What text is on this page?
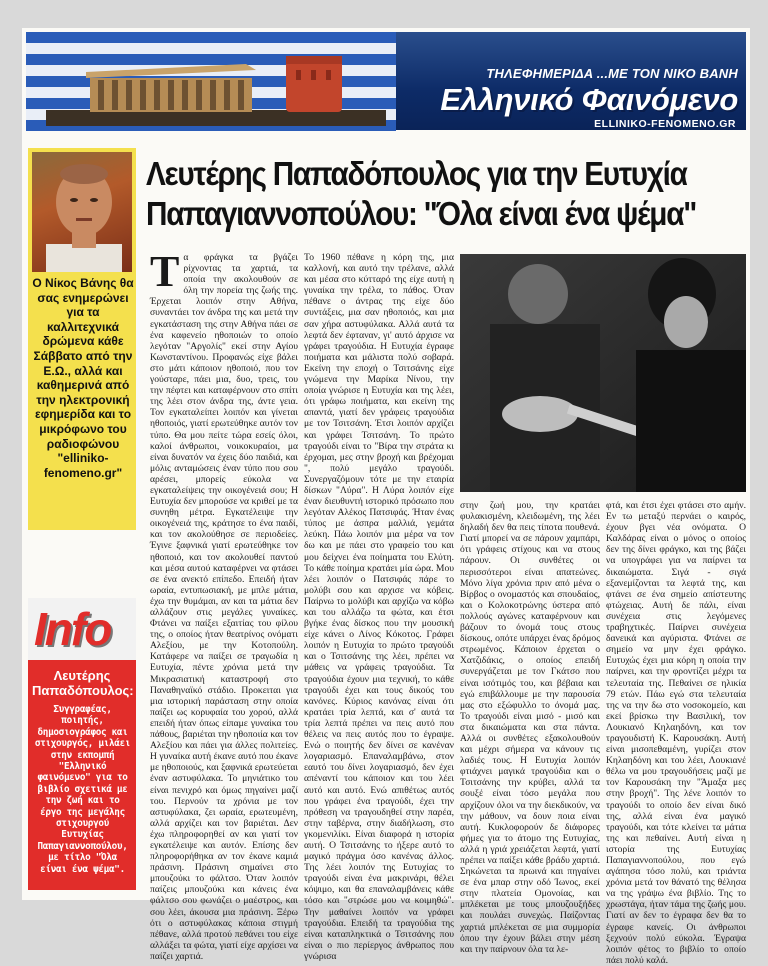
ΤΗΛΕΦΗΜΕΡΙΔΑ ...ΜΕ ΤΟΝ ΝΙΚΟ ΒΑΝΗ
Ελληνικό Φαινόμενο
ELLINIKO-FENOMENO.GR
Ο Νίκος Βάνης θα σας ενημερώνει για τα καλλιτεχνικά δρώμενα κάθε Σάββατο από την Ε.Ω., αλλά και καθημερινά από την ηλεκτρονική εφημερίδα και το μικρόφωνο του ραδιοφώνου "elliniko-fenomeno.gr"
Info
Λευτέρης Παπαδόπουλος:
Συγγραφέας, ποιητής, δημοσιογράφος και στιχουργός, μιλάει στην εκπομπή "Ελληνικό φαινόμενο" για το βιβλίο σχετικά με την ζωή και το έργο της μεγάλης στιχουργού Ευτυχίας Παπαγιαννοπούλου, με τίτλο "Όλα είναι ένα ψέμα".
Λευτέρης Παπαδόπουλος για την Ευτυχία
Παπαγιαννοπούλου: "Όλα είναι ένα ψέμα"
Τ α φράγκα τα βγάζει ρίχνοντας τα χαρτιά, τα οποία την ακολουθούν σε όλη την πορεία της ζωής της. Έρχεται λοιπόν στην Αθήνα, συναντάει τον άνδρα της και μετά την εγκατάσταση της στην Αθήνα πάει σε ένα καφενείο ηθοποιών το οποίο λεγόταν "Αργολίς" εκεί στην Αγίου Κωνσταντίνου. Προφανώς είχε βάλει στο μάτι κάποιον ηθοποιό, που τον γούσταρε, πάει μια, δυο, τρεις, του την πέφτει και καταφέρνουν στο σπίτι της λέει στον άνδρα της, άντε γεια. Τον εγκαταλείπει λοιπόν και γίνεται ηθοποιός, γιατί ερωτεύθηκε αυτόν τον τύπο. Θα μου πείτε τώρα εσείς όλοι, καλοί άνθρωποι, νοικοκυραίοι, μα είναι δυνατόν να έχεις δύο παιδιά, και μόλις ανταμώσεις έναν τύπο που σου αρέσει, μπορείς εύκολα να εγκαταλείψεις την οικογένειά σου; Η Ευτυχία δεν μπορούσε να κριθεί με τα συνηθη μέτρα. Εγκατέλειψε την οικογένειά της, κράτησε το ένα παιδί, και τον ακολούθησε σε περιοδείες. Έγινε ξαφνικά γιατί ερωτεύθηκε τον ηθοποιό, και τον ακολουθεί παντού και μέσα αυτού καταφέρνει να φτάσει σε ένα ανεκτό επίπεδο. Επειδή ήταν ωραία, εντυπωσιακή, με μπλε μάτια, έχω την θυμάμαι, αν και τα μάτια δεν αλλάζουν στις μεγάλες γυναίκες. Φτάνει να παίξει εξαιτίας του φίλου της, ο οποίος ήταν θεατρίνος ονόματι Αλεξίου, με την Κοτοπούλη. Κατάφερε να παίξει σε τραγωδία η Ευτυχία, πέντε χρόνια μετά την Μικρασιατική καταστροφή στο Παναθηναϊκό στάδιο. Προκειται για μια ιστορική παράσταση στην οποία παίζει ως κορυφαία του χορού, αλλά επειδή ήταν όπως είπαμε γυναίκα του πάθους, βαριέται την ηθοποιία και τον Αλεξίου και πάει για άλλες πολιτείες. Η γυναίκα αυτή έκανε αυτό που έκανε με ηθοποιούς, και ξαφνικά ερωτεύεται έναν αστυφύλακα. Το μηνιάτικο του είναι πενιχρό και όμως πηγαίνει μαζί του. Περνούν τα χρόνια με τον αστυφύλακα, ζει ωραία, ερωτευμένη, αλλά αρχίζει και τον βαριέται. Δεν έχω πληροφορηθεί αν και γιατί τον εγκατέλειψε και αυτόν. Επίσης δεν πληροφορήθηκα αν τον έκανε καμιά πράσινη. Πράσινη σημαίνει στο μπουζούκι το φάλτσο. Όταν λοιπόν παίζεις μπουζούκι και κάνεις ένα φάλτσο σου φωνάζει ο μαέστρος, και σου λέει, άκουσα μια πράσινη. Ξέρω ότι ο αστυφύλακας κάποια στιγμή πέθανε, αλλά προτού πεθάνει του είχε αλλάξει τα φώτα, γιατί είχε αρχίσει να παίζει χαρτιά.
Το 1960 πέθανε η κόρη της, μια καλλονή, και αυτό την τρέλανε, αλλά και μέσα στο κύτταρό της είχε αυτή η γυναίκα την τρέλα, το πάθος. Όταν πέθανε ο άντρας της είχε δύο συντάξεις, μια σαν ηθοποιός, και μια σαν χήρα αστυφύλακα. Αλλά αυτά τα λεφτά δεν έφταναν, γι' αυτό άρχισε να γράφει τραγούδια. Η Ευτυχία έγραφε ποιήματα και μάλιστα πολύ σοβαρά. Εκείνη την εποχή ο Τσιτσάνης είχε γνώμενα την Μαρίκα Νίνου, την οποία γνώρισε η Ευτυχία και της λέει, ότι γράφω ποιήματα, και εκείνη της απαντά, γιατί δεν γράφεις τραγούδια με τον Τσιτσάνη. Έτσι λοιπόν αρχίζει και γράφει Τσιτσάνη. Το πρώτο τραγούδι είναι το "Βίρα την στράτα κι έρχομαι, μες στην βροχή και βρέχομαι ", πολύ μεγάλο τραγούδι. Συνεργαζόμουν τότε με την εταιρία δίσκων "Λύρα". Η Λύρα λοιπόν είχε έναν διευθυντή ιστορικό πρόσωπο που λεγόταν Αλέκος Πατσιφάς. Ήταν ένας τύπος με άσπρα μαλλιά, γεμάτα λεύκη. Πάω λοιπόν μια μέρα να τον δω και με πάει στο γραφείο του και μου δείχνει ένα ποίηματα του Ελύτη. Το κάθε ποίημα κρατάει μία ώρα. Μου λέει λοιπόν ο Πατσιφάς πάρε το μολύβι σου και αρχισε να κόβεις. Παίρνω το μολύβι και αρχίζω να κόβω και του αλλάζω τα φώτα, και έτσι βγήκε ένας δίσκος που την μουσική είχε κάνει ο Λίνος Κόκοτος. Γράφει λοιπόν η Ευτυχία το πρώτο τραγούδι και ο Τσιτσάνης της λέει, πρέπει να μάθεις να γράφεις τραγούδια. Τα τραγούδια έχουν μια τεχνική, το κάθε τραγούδι έχει και τους δικούς του κανόνες. Κύριος κανόνας είναι ότι κρατάει τρία λεπτά, και σ' αυτά τα τρία λεπτά πρέπει να πεις αυτό που θέλεις να πεις αυτός που το έγραψε. Ενώ ο ποιητής δεν δίνει σε κανέναν λογαριασμό. Επαναλαμβάνω, στον εαυτό του δίνει λογαριασμό, δεν έχει απέναντί του κάποιον και του λέει αυτό και αυτό. Ενώ απιθέτως αυτός που γράφει ένα τραγούδι, έχει την πρόθεση να τραγουδηθεί στην παρέα, στην ταβέρνα, στην διαδήλωση, στο γκομενιλίκι. Είναι διαφορά η ιστορία αυτή. Ο Τσιτσάνης το ήξερε αυτό το μαγικό πράγμα όσο κανένας άλλος. Της λέει λοιπόν της Ευτυχίας το τραγούδι είναι ένα μακρινάρι, θέλει κόψιμο, και θα επαναλαμβάνεις κάθε τόσο και "στρώσε μου να κοιμηθώ". Την μαθαίνει λοιπόν να γράφει τραγούδια. Επειδή τα τραγούδια της είναι καταπληκτικά ο Τσιτσάνης που είναι ο πιο περίεργος άνθρωπος που γνώρισα
στην ζωή μου, την κρατάει φυλακισμένη, κλειδωμένη, της λέει δηλαδή δεν θα πεις τίποτα πουθενά. Γιατί μπορεί να σε πάρουν χαμπάρι, ότι γράφεις στίχους και να στους πάρουν. Οι συνθέτες οι περισσότεροι είναι απατεώνες. Μόνο λίγα χρόνια πριν από μένα ο Βίρβος ο ονομαστός και σπουδαίος, και ο Κολοκοτρώνης ύστερα από πολλούς αγώνες καταφέρνουν και βάζουν το όνομά τους στους δίσκους, οπότε υπάρχει ένας δρόμος στρωμένος. Κάποιον έρχεται ο Χατζιδάκις, ο οποίος επειδή συνεργάζεται με τον Γκάτσο που είναι ισότιμός του, και βέβαια και εγώ επιβάλλουμε με την παρουσία μας στο εξώφυλλο το όνομά μας. Το τραγούδι είναι μισό - μισό και στα δικαιώματα και στα πάντα. Αλλά οι συνθέτες εξακολουθούν και μέχρι σήμερα να κάνουν τις λαδιές τους. Η Ευτυχία λοιπόν φτιάχνει μαγικά τραγούδια και ο Τσιτσάνης την κρύβει, αλλά τα σουξέ είναι τόσο μεγάλα που αρχίζουν όλοι να την διεκδικούν, να την μάθουν, να δουν ποια είναι αυτή. Κυκλοφορούν δε διάφορες φήμες για το άτομο της Ευτυχίας, αλλά η γριά χρειάζεται λεφτά, γιατί πρέπει να παίξει κάθε βράδυ χαρτιά. Σηκώνεται τα πρωινά και πηγαίνει σε ένα μπαρ στην οδό Ίωνος, εκεί στην πλατεία Ομονοίας, και μπλέκεται με τους μπουζουξήδες και πουλάει συνεχώς. Παίζοντας χαρτιά μπλέκεται σε μια συμμορία όπου την έχουν βάλει στην μέση και την παίρνουν όλα τα λε-
φτά, και έτσι έχει φτάσει στο αμήν. Εν τω μεταξύ περνάει ο καιρός, έχουν βγει νέα ονόματα. Ο Καλδάρας είναι ο μόνος ο οποίος δεν της δίνει φράγκο, και της βάζει να υπογράφει για να παίρνει τα δικαιώματα. Σιγά - σιγά εξανεμίζονται τα λεφτά της, και φτάνει σε ένα σημείο απίστευτης φτώχειας. Αυτή δε πάλι, είναι συνέχεια στις λεγόμενες τραβηχτικές. Παίρνει συνέχεια δανεικά και αγύριστα. Φτάνει σε σημείο να μην έχει φράγκο. Ευτυχώς έχει μια κόρη η οποία την παίρνει, και την φροντίζει μέχρι τα τελευταία της. Πεθαίνει σε ηλικία 79 ετών. Πάω εγώ στα τελευταία της να την δω στο νοσοκομείο, και εκεί βρίσκω την Βασιλική, τον Λουκιανό Κηλαηδόνη, και τον τραγουδιστή Κ. Καρουσάκη. Αυτή είναι μισοπεθαμένη, γυρίζει στον Κηλαηδόνη και του λέει, Λουκιανέ θέλω να μου τραγουδήσεις μαζί με τον Καρουσάκη την "Άμαξα μες στην βροχή". Της λένε λοιπόν το τραγούδι το οποίο δεν είναι δικό της, αλλά είναι ένα μαγικό τραγούδι, και τότε κλείνει τα μάτια της και πεθαίνει. Αυτή είναι η ιστορία της Ευτυχίας Παπαγιαννοπούλου, που εγώ αγάπησα τόσο πολύ, και τριάντα χρόνια μετά τον θάνατό της θέλησα να της γράψω ένα βιβλίο. Της το χρωστάγα, ήταν τάμα της ζωής μου. Γιατί αν δεν το έγραφα δεν θα το έγραφε κανείς. Οι άνθρωποι ξεχνούν πολύ εύκολα. Έγραψα λοιπόν φέτος το βιβλίο το οποίο πάει πολύ καλά.
